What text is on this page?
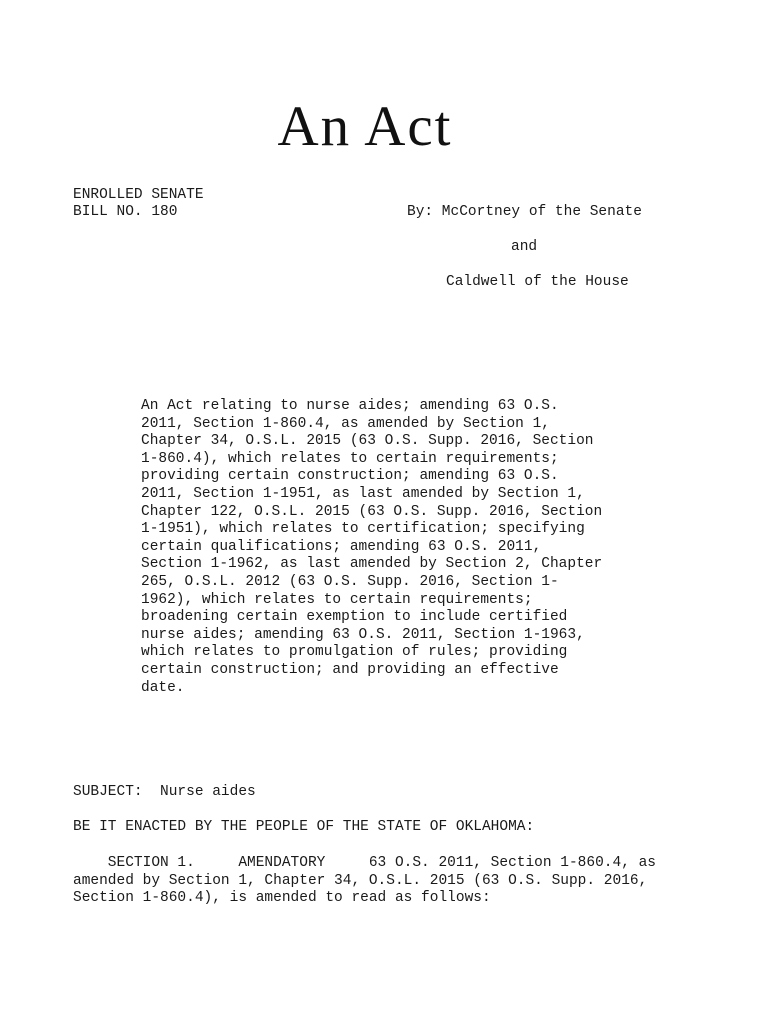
An Act
ENROLLED SENATE
BILL NO. 180	By: McCortney of the Senate
and
Caldwell of the House
An Act relating to nurse aides; amending 63 O.S.
2011, Section 1-860.4, as amended by Section 1,
Chapter 34, O.S.L. 2015 (63 O.S. Supp. 2016, Section
1-860.4), which relates to certain requirements;
providing certain construction; amending 63 O.S.
2011, Section 1-1951, as last amended by Section 1,
Chapter 122, O.S.L. 2015 (63 O.S. Supp. 2016, Section
1-1951), which relates to certification; specifying
certain qualifications; amending 63 O.S. 2011,
Section 1-1962, as last amended by Section 2, Chapter
265, O.S.L. 2012 (63 O.S. Supp. 2016, Section 1-
1962), which relates to certain requirements;
broadening certain exemption to include certified
nurse aides; amending 63 O.S. 2011, Section 1-1963,
which relates to promulgation of rules; providing
certain construction; and providing an effective
date.
SUBJECT:  Nurse aides
BE IT ENACTED BY THE PEOPLE OF THE STATE OF OKLAHOMA:
SECTION 1.     AMENDATORY     63 O.S. 2011, Section 1-860.4, as
amended by Section 1, Chapter 34, O.S.L. 2015 (63 O.S. Supp. 2016,
Section 1-860.4), is amended to read as follows:
